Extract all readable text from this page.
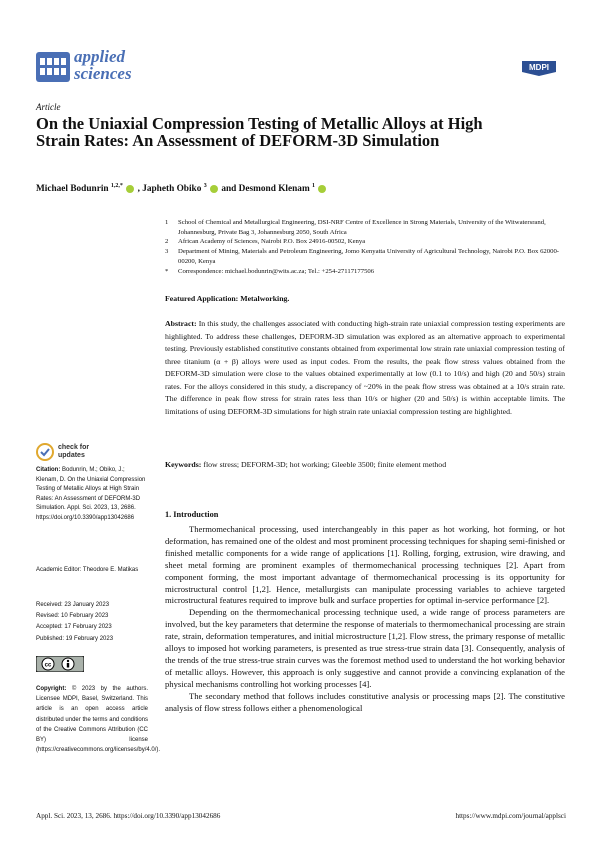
applied
sciences	MDPI
Article
On the Uniaxial Compression Testing of Metallic Alloys at High Strain Rates: An Assessment of DEFORM-3D Simulation
Michael Bodunrin $^{1,2,*}$ , Japheth Obiko $^3$ and Desmond Klenam $^1$
1	School of Chemical and Metallurgical Engineering, DSI-NRF Centre of Excellence in Strong Materials, University of the Witwatersrand, Johannesburg, Private Bag 3, Johannesburg 2050, South Africa
2	African Academy of Sciences, Nairobi P.O. Box 24916-00502, Kenya
3	Department of Mining, Materials and Petroleum Engineering, Jomo Kenyatta University of Agricultural Technology, Nairobi P.O. Box 62000-00200, Kenya
*	Correspondence: michael.bodunrin@wits.ac.za; Tel.: +254-27117177506
Featured Application: Metalworking.
Abstract: In this study, the challenges associated with conducting high-strain rate uniaxial compression testing experiments are highlighted. To address these challenges, DEFORM-3D simulation was explored as an alternative approach to experimental testing. Previously established constitutive constants obtained from experimental low strain rate uniaxial compression testing of three titanium (α + β) alloys were used as input codes. From the results, the peak flow stress values obtained from the DEFORM-3D simulation were close to the values obtained experimentally at low (0.1 to 10/s) and high (20 and 50/s) strain rates. For the alloys considered in this study, a discrepancy of ~20% in the peak flow stress was obtained at a 10/s strain rate. The difference in peak flow stress for strain rates less than 10/s or higher (20 and 50/s) is within acceptable limits. The limitations of using DEFORM-3D simulations for high strain rate uniaxial compression testing are highlighted.
Keywords: flow stress; DEFORM-3D; hot working; Gleeble 3500; finite element method
1. Introduction

Thermomechanical processing, used interchangeably in this paper as hot working, hot forming, or hot deformation, has remained one of the oldest and most prominent processing techniques for shaping semi-finished or finished metallic components for a wide range of applications [1]. Rolling, forging, extrusion, wire drawing, and sheet metal forming are prominent examples of thermomechanical processing techniques [2]. Apart from component forming, the most important advantage of thermomechanical processing is its opportunity for microstructural control [1,2]. Hence, metallurgists can manipulate processing variables to achieve targeted microstructural features required to improve bulk and surface properties for optimal in-service performance [2].

Depending on the thermomechanical processing technique used, a wide range of process parameters are involved, but the key parameters that determine the response of materials to thermomechanical processing are strain rate, strain, deformation temperatures, and initial microstructure [1,2]. Flow stress, the primary response of metallic alloys to imposed hot working parameters, is presented as true stress-true strain data [3]. Consequently, analysis of the trends of the true stress-true strain curves was the foremost method used to understand the hot working behavior of metallic alloys. However, this approach is only suggestive and cannot provide a convincing explanation of the physical mechanisms controlling hot working processes [4].

The secondary method that follows includes constitutive analysis or processing maps [2]. The constitutive analysis of flow stress follows either a phenomenological

check for
updates
Citation: Bodunrin, M.; Obiko, J.; Klenam, D. On the Uniaxial Compression Testing of Metallic Alloys at High Strain Rates: An Assessment of DEFORM-3D Simulation. Appl. Sci. 2023, 13, 2686. https://doi.org/10.3390/app13042686
Academic Editor: Theodore E. Matikas
Received: 23 January 2023
Revised: 10 February 2023
Accepted: 17 February 2023
Published: 19 February 2023
cc
Copyright: © 2023 by the authors. Licensee MDPI, Basel, Switzerland. This article is an open access article distributed under the terms and conditions of the Creative Commons Attribution (CC BY) license (https://creativecommons.org/licenses/by/4.0/).
Appl. Sci. 2023, 13, 2686. https://doi.org/10.3390/app13042686	https://www.mdpi.com/journal/applsci
